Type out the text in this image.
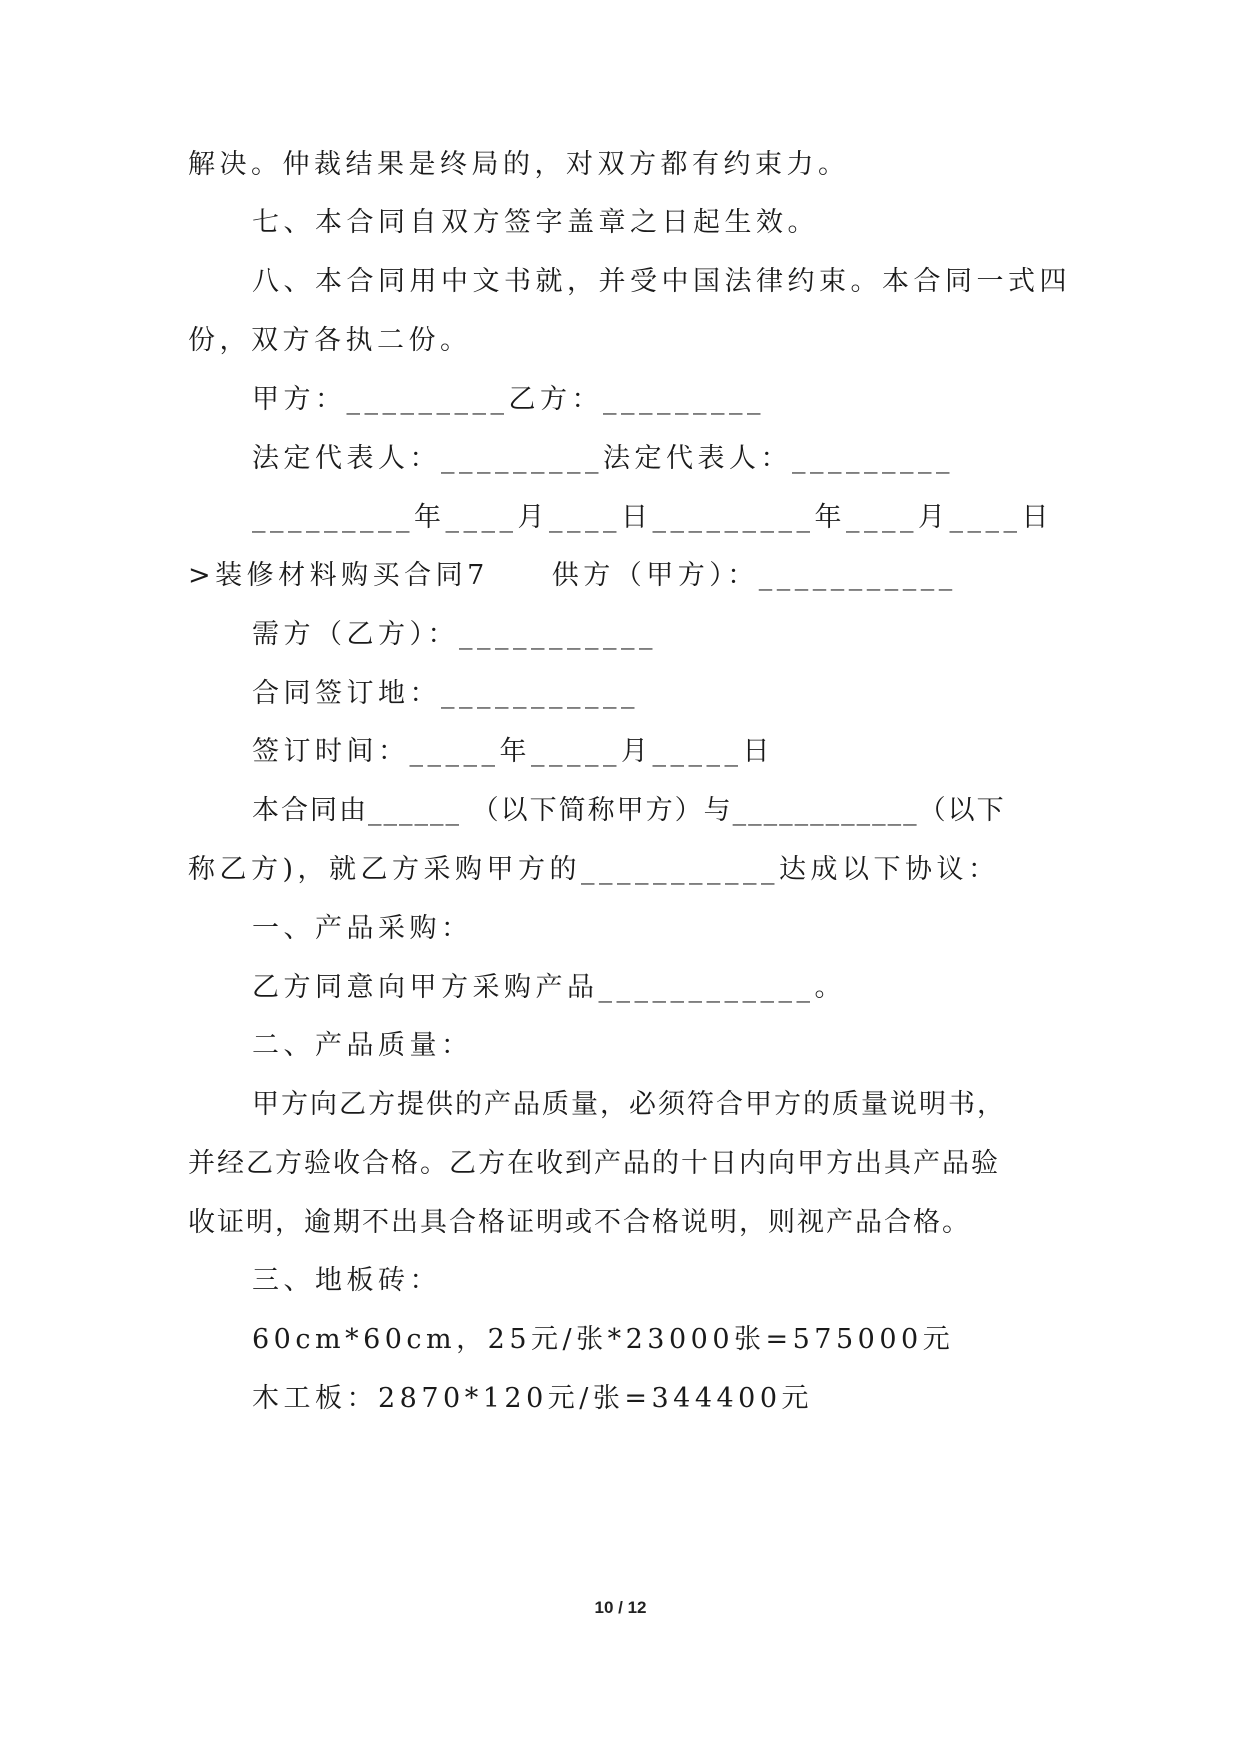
解决。仲裁结果是终局的，对双方都有约束力。
七、本合同自双方签字盖章之日起生效。
八、本合同用中文书就，并受中国法律约束。本合同一式四
份，双方各执二份。
甲方：_________乙方：_________
法定代表人：_________法定代表人：_________
_________年____月____日_________年____月____日
>装修材料购买合同7　　供方（甲方）：___________
需方（乙方）：___________
合同签订地：___________
签订时间：_____年_____月_____日
本合同由______ （以下简称甲方）与____________（以下
称乙方)，就乙方采购甲方的___________达成以下协议：
一、产品采购：
乙方同意向甲方采购产品____________。
二、产品质量：
甲方向乙方提供的产品质量，必须符合甲方的质量说明书，
并经乙方验收合格。乙方在收到产品的十日内向甲方出具产品验
收证明，逾期不出具合格证明或不合格说明，则视产品合格。
三、地板砖：
60cm*60cm，25元/张*23000张=575000元
木工板：2870*120元/张=344400元
10 / 12
